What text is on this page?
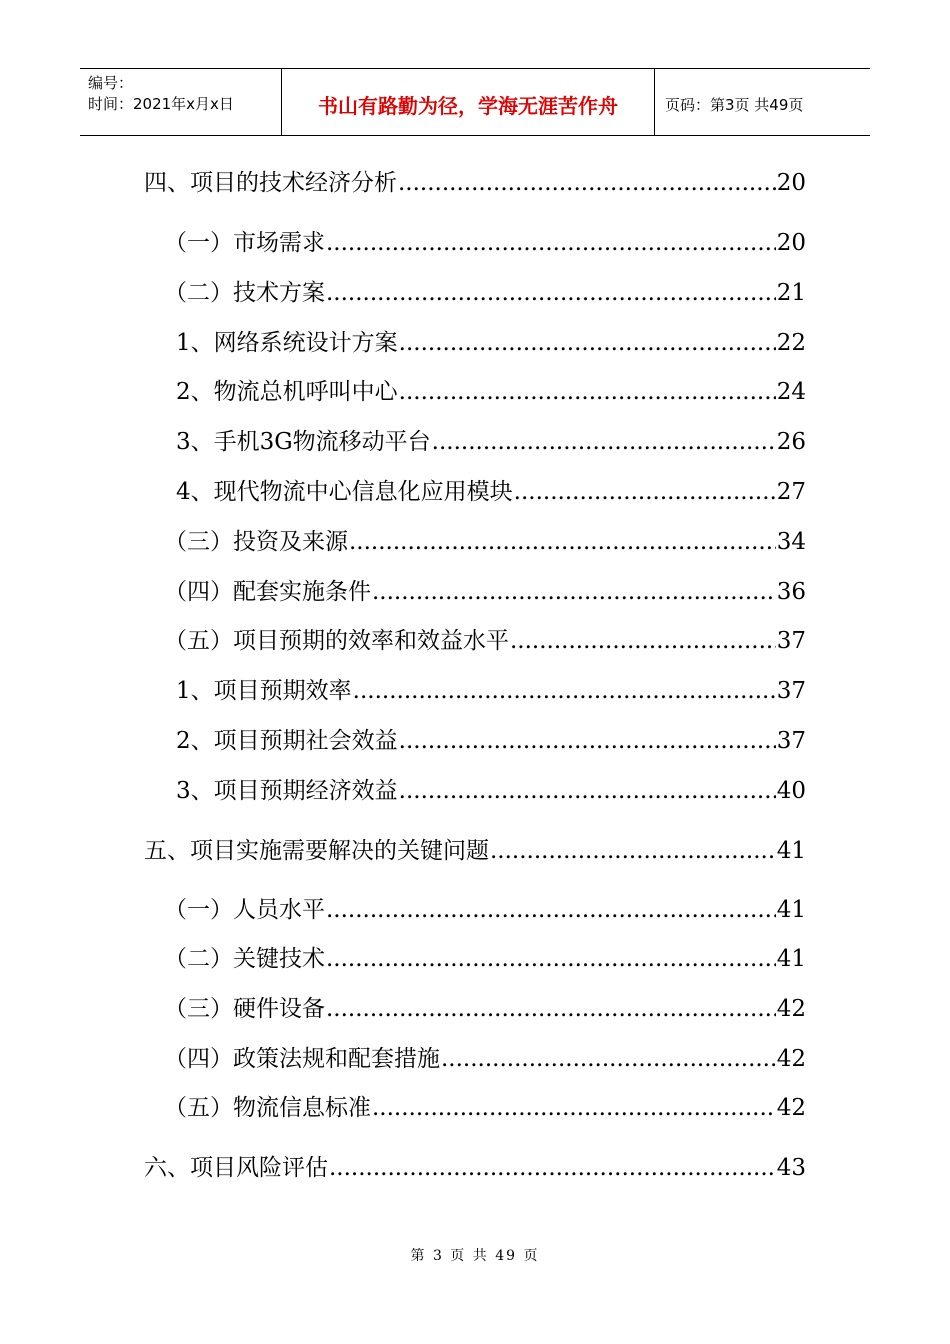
编号：
时间：2021年x月x日	书山有路勤为径，学海无涯苦作舟	页码：第3页 共49页
四、项目的技术经济分析 .....	20
（一）市场需求 .....	20
（二）技术方案 .....	21
1、网络系统设计方案 .....	22
2、物流总机呼叫中心 .....	24
3、手机3G物流移动平台 .....	26
4、现代物流中心信息化应用模块 .....	27
（三）投资及来源 .....	34
（四）配套实施条件 .....	36
（五）项目预期的效率和效益水平 .....	37
1、项目预期效率 .....	37
2、项目预期社会效益 .....	37
3、项目预期经济效益 .....	40
五、项目实施需要解决的关键问题 .....	41
（一）人员水平 .....	41
（二）关键技术 .....	41
（三）硬件设备 .....	42
（四）政策法规和配套措施 .....	42
（五）物流信息标准 .....	42
六、项目风险评估 .....	43
第 3 页 共 49 页
